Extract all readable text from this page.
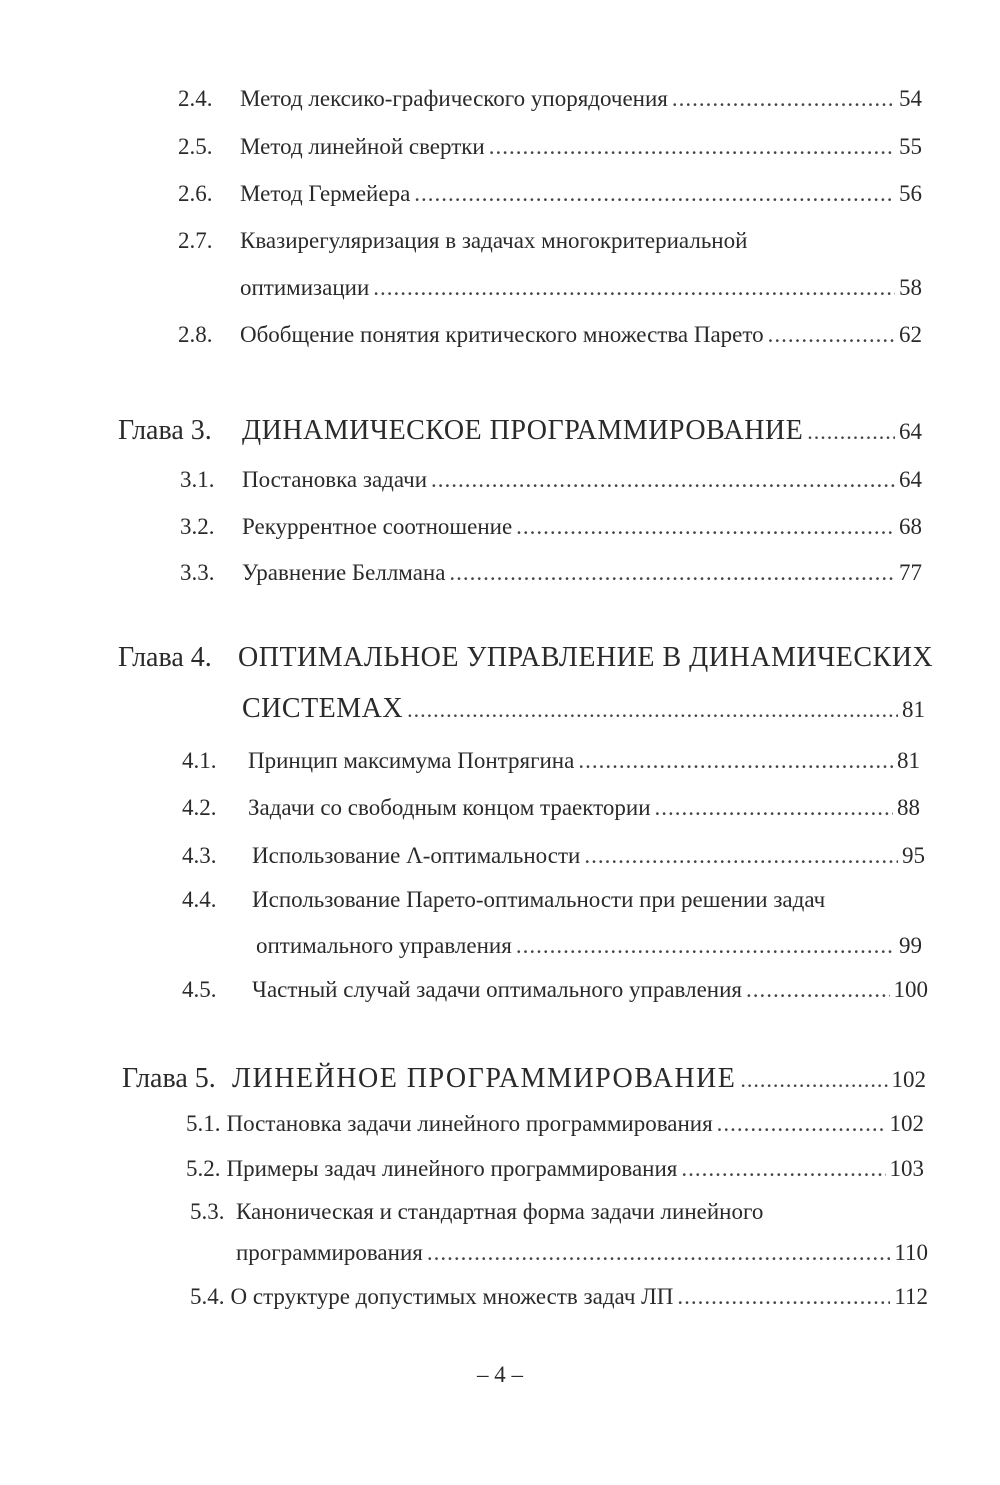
2.4. Метод лексико-графического упорядочения .....	54
2.5. Метод линейной свертки .....	55
2.6. Метод Гермейера .....	56
2.7. Квазирегуляризация в задачах многокритериальной
оптимизации .....	58
2.8. Обобщение понятия критического множества Парето .....	62
Глава 3. ДИНАМИЧЕСКОЕ ПРОГРАММИРОВАНИЕ .....	64
3.1. Постановка задачи .....	64
3.2. Рекуррентное соотношение .....	68
3.3. Уравнение Беллмана .....	77
Глава 4. ОПТИМАЛЬНОЕ УПРАВЛЕНИЕ В ДИНАМИЧЕСКИХ
СИСТЕМАХ .....	81
4.1. Принцип максимума Понтрягина .....	81
4.2. Задачи со свободным концом траектории .....	88
4.3. Использование Λ-оптимальности .....	95
4.4. Использование Парето-оптимальности при решении задач
оптимального управления .....	99
4.5. Частный случай задачи оптимального управления .....	100
Глава 5. ЛИНЕЙНОЕ ПРОГРАММИРОВАНИЕ .....	102
5.1. Постановка задачи линейного программирования .....	102
5.2. Примеры задач линейного программирования .....	103
5.3. Каноническая и стандартная форма задачи линейного
программирования .....	110
5.4. О структуре допустимых множеств задач ЛП .....	112
– 4 –
